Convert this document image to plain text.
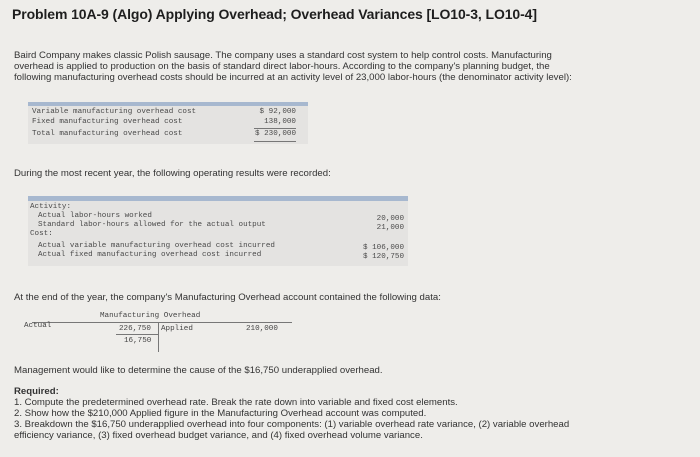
Problem 10A-9 (Algo) Applying Overhead; Overhead Variances [LO10-3, LO10-4]
Baird Company makes classic Polish sausage. The company uses a standard cost system to help control costs. Manufacturing
overhead is applied to production on the basis of standard direct labor-hours. According to the company's planning budget, the
following manufacturing overhead costs should be incurred at an activity level of 23,000 labor-hours (the denominator activity level):
Variable manufacturing overhead cost	$ 92,000
Fixed manufacturing overhead cost	138,000
Total manufacturing overhead cost	$ 230,000
During the most recent year, the following operating results were recorded:
Activity:
Actual labor-hours worked	20,000
Standard labor-hours allowed for the actual output	21,000
Cost:
Actual variable manufacturing overhead cost incurred	$ 106,000
Actual fixed manufacturing overhead cost incurred	$ 120,750
At the end of the year, the company's Manufacturing Overhead account contained the following data:
Manufacturing Overhead
Actual	226,750 Applied	210,000
16,750
Management would like to determine the cause of the $16,750 underapplied overhead.
Required:
1. Compute the predetermined overhead rate. Break the rate down into variable and fixed cost elements.
2. Show how the $210,000 Applied figure in the Manufacturing Overhead account was computed.
3. Breakdown the $16,750 underapplied overhead into four components: (1) variable overhead rate variance, (2) variable overhead
efficiency variance, (3) fixed overhead budget variance, and (4) fixed overhead volume variance.
